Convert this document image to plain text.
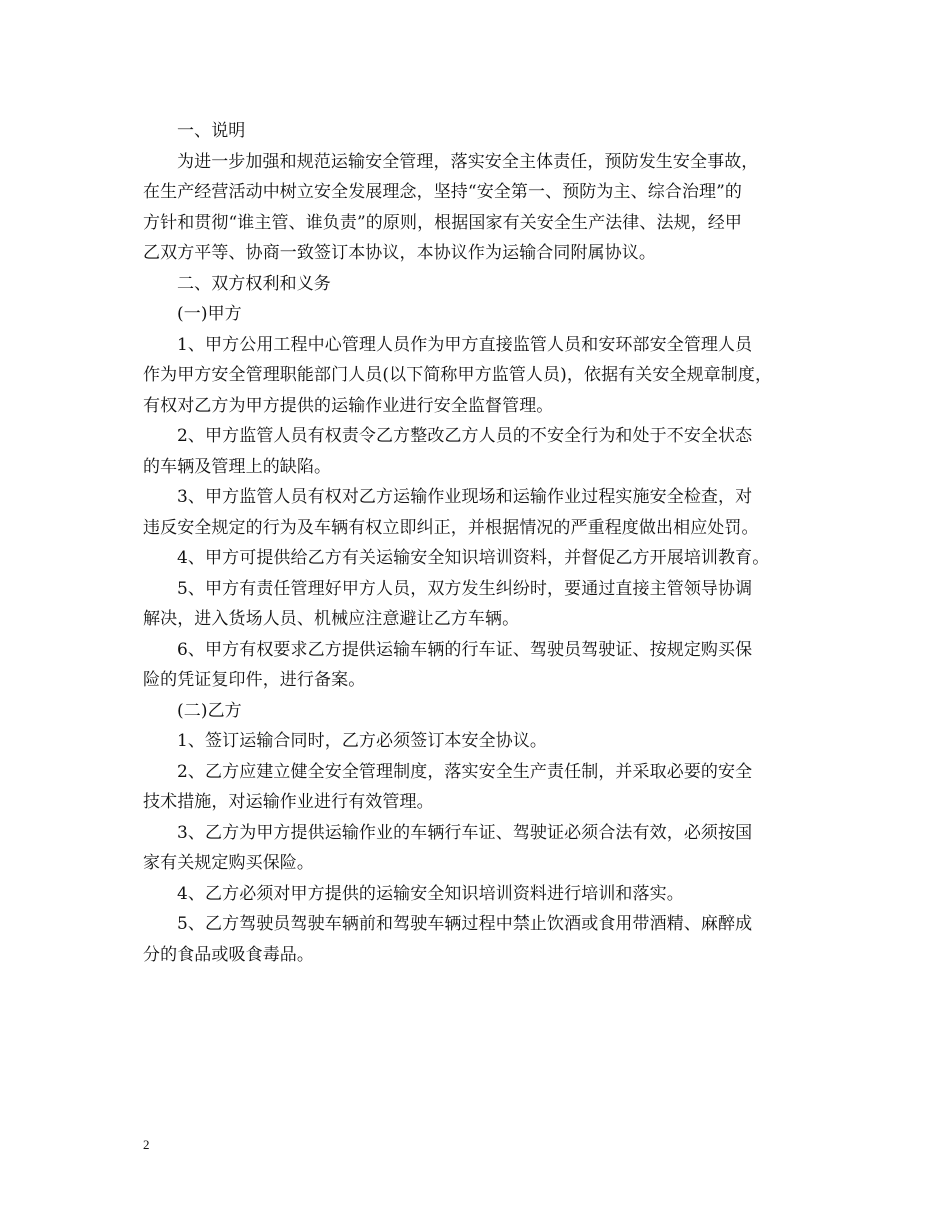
一、说明
为进一步加强和规范运输安全管理，落实安全主体责任，预防发生安全事故，
在生产经营活动中树立安全发展理念，坚持“安全第一、预防为主、综合治理”的
方针和贯彻“谁主管、谁负责”的原则，根据国家有关安全生产法律、法规，经甲
乙双方平等、协商一致签订本协议，本协议作为运输合同附属协议。
二、双方权利和义务
(一)甲方
1、甲方公用工程中心管理人员作为甲方直接监管人员和安环部安全管理人员
作为甲方安全管理职能部门人员(以下简称甲方监管人员)，依据有关安全规章制度，
有权对乙方为甲方提供的运输作业进行安全监督管理。
2、甲方监管人员有权责令乙方整改乙方人员的不安全行为和处于不安全状态
的车辆及管理上的缺陷。
3、甲方监管人员有权对乙方运输作业现场和运输作业过程实施安全检查，对
违反安全规定的行为及车辆有权立即纠正，并根据情况的严重程度做出相应处罚。
4、甲方可提供给乙方有关运输安全知识培训资料，并督促乙方开展培训教育。
5、甲方有责任管理好甲方人员，双方发生纠纷时，要通过直接主管领导协调
解决，进入货场人员、机械应注意避让乙方车辆。
6、甲方有权要求乙方提供运输车辆的行车证、驾驶员驾驶证、按规定购买保
险的凭证复印件，进行备案。
(二)乙方
1、签订运输合同时，乙方必须签订本安全协议。
2、乙方应建立健全安全管理制度，落实安全生产责任制，并采取必要的安全
技术措施，对运输作业进行有效管理。
3、乙方为甲方提供运输作业的车辆行车证、驾驶证必须合法有效，必须按国
家有关规定购买保险。
4、乙方必须对甲方提供的运输安全知识培训资料进行培训和落实。
5、乙方驾驶员驾驶车辆前和驾驶车辆过程中禁止饮酒或食用带酒精、麻醉成
分的食品或吸食毒品。
2
